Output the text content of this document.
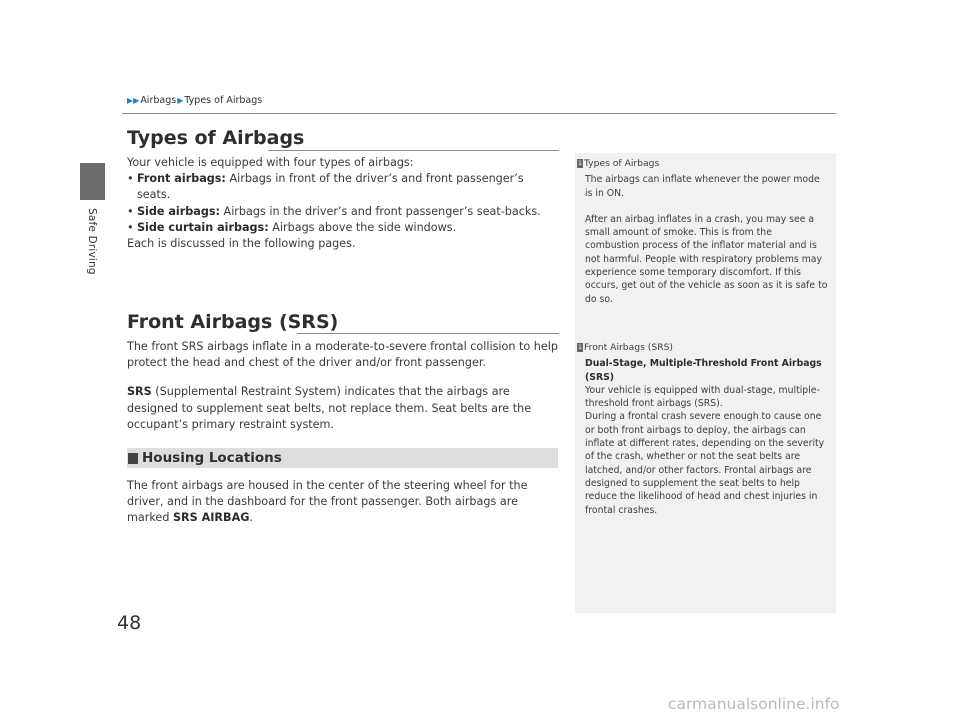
Safe Driving
48
▶▶ Airbags ▶ Types of Airbags
Types of Airbags

Your vehicle is equipped with four types of airbags:

• Front airbags: Airbags in front of the driver’s and front passenger’s seats.
• Side airbags: Airbags in the driver’s and front passenger’s seat-backs.
• Side curtain airbags: Airbags above the side windows.

Each is discussed in the following pages.

Front Airbags (SRS)

The front SRS airbags inflate in a moderate-to-severe frontal collision to help protect the head and chest of the driver and/or front passenger.

SRS (Supplemental Restraint System) indicates that the airbags are designed to supplement seat belts, not replace them. Seat belts are the occupant’s primary restraint system.

Housing Locations

The front airbags are housed in the center of the steering wheel for the driver, and in the dashboard for the front passenger. Both airbags are marked SRS AIRBAG.

1 Types of Airbags

The airbags can inflate whenever the power mode is in ON.

After an airbag inflates in a crash, you may see a small amount of smoke. This is from the combustion process of the inflator material and is not harmful. People with respiratory problems may experience some temporary discomfort. If this occurs, get out of the vehicle as soon as it is safe to do so.

1 Front Airbags (SRS)

Dual-Stage, Multiple-Threshold Front Airbags (SRS)

Your vehicle is equipped with dual-stage, multiple-threshold front airbags (SRS).

During a frontal crash severe enough to cause one or both front airbags to deploy, the airbags can inflate at different rates, depending on the severity of the crash, whether or not the seat belts are latched, and/or other factors. Frontal airbags are designed to supplement the seat belts to help reduce the likelihood of head and chest injuries in frontal crashes.

carmanualsonline.info
